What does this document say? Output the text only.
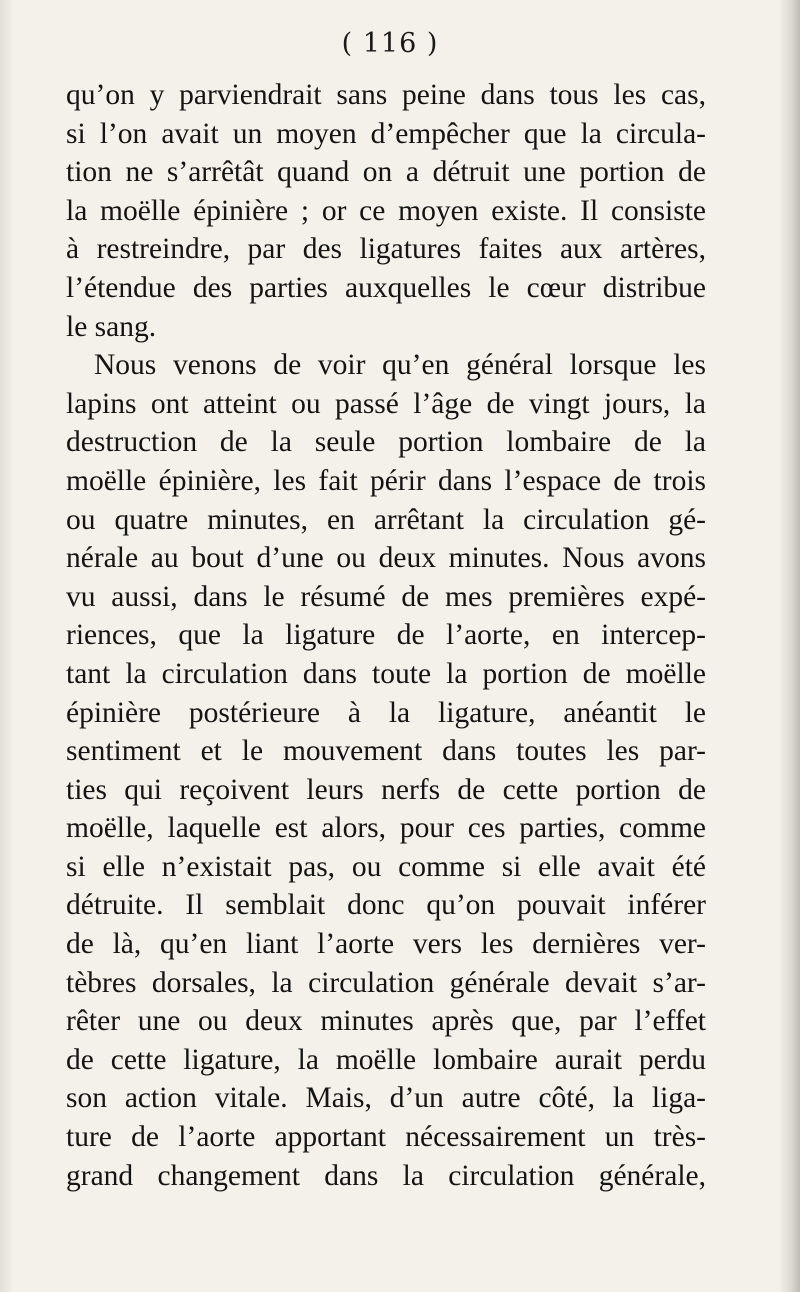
( 116 )
qu’on y parviendrait sans peine dans tous les cas,
si l’on avait un moyen d’empêcher que la circula-
tion ne s’arrêtât quand on a détruit une portion de
la moëlle épinière ; or ce moyen existe. Il consiste
à restreindre, par des ligatures faites aux artères,
l’étendue des parties auxquelles le cœur distribue
le sang.
Nous venons de voir qu’en général lorsque les
lapins ont atteint ou passé l’âge de vingt jours, la
destruction de la seule portion lombaire de la
moëlle épinière, les fait périr dans l’espace de trois
ou quatre minutes, en arrêtant la circulation gé-
nérale au bout d’une ou deux minutes. Nous avons
vu aussi, dans le résumé de mes premières expé-
riences, que la ligature de l’aorte, en intercep-
tant la circulation dans toute la portion de moëlle
épinière postérieure à la ligature, anéantit le
sentiment et le mouvement dans toutes les par-
ties qui reçoivent leurs nerfs de cette portion de
moëlle, laquelle est alors, pour ces parties, comme
si elle n’existait pas, ou comme si elle avait été
détruite. Il semblait donc qu’on pouvait inférer
de là, qu’en liant l’aorte vers les dernières ver-
tèbres dorsales, la circulation générale devait s’ar-
rêter une ou deux minutes après que, par l’effet
de cette ligature, la moëlle lombaire aurait perdu
son action vitale. Mais, d’un autre côté, la liga-
ture de l’aorte apportant nécessairement un très-
grand changement dans la circulation générale,
